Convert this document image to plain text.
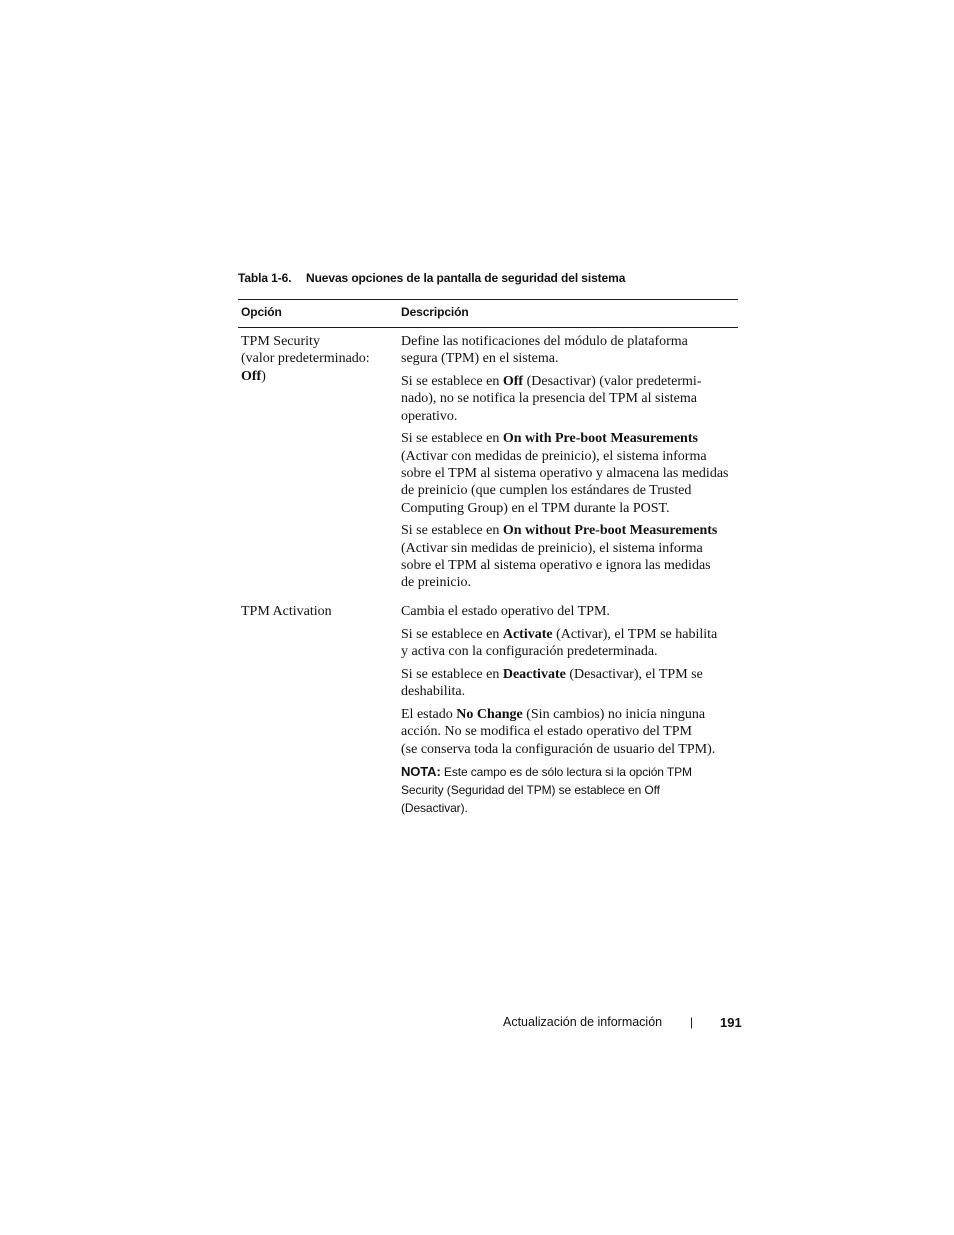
Tabla 1-6. Nuevas opciones de la pantalla de seguridad del sistema
Opción	Descripción
TPM Security
(valor predeterminado:
Off)
Define las notificaciones del módulo de plataforma
segura (TPM) en el sistema.
Si se establece en Off (Desactivar) (valor predetermi-
nado), no se notifica la presencia del TPM al sistema
operativo.
Si se establece en On with Pre-boot Measurements
(Activar con medidas de preinicio), el sistema informa
sobre el TPM al sistema operativo y almacena las medidas
de preinicio (que cumplen los estándares de Trusted
Computing Group) en el TPM durante la POST.
Si se establece en On without Pre-boot Measurements
(Activar sin medidas de preinicio), el sistema informa
sobre el TPM al sistema operativo e ignora las medidas
de preinicio.
TPM Activation	Cambia el estado operativo del TPM.
Si se establece en Activate (Activar), el TPM se habilita
y activa con la configuración predeterminada.
Si se establece en Deactivate (Desactivar), el TPM se
deshabilita.
El estado No Change (Sin cambios) no inicia ninguna
acción. No se modifica el estado operativo del TPM
(se conserva toda la configuración de usuario del TPM).
NOTA: Este campo es de sólo lectura si la opción TPM
Security (Seguridad del TPM) se establece en Off
(Desactivar).
Actualización de información | 191
